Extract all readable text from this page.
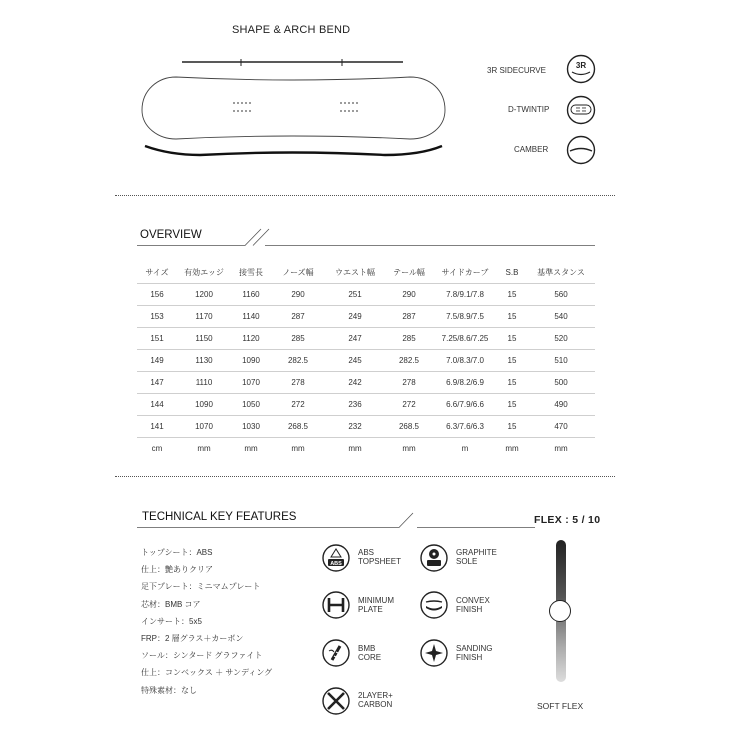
SHAPE & ARCH BEND
3R SIDECURVE
3R
D-TWINTIP
CAMBER
OVERVIEW
サイズ	有効エッジ	接雪長	ノーズ幅	ウエスト幅	テール幅	サイドカーブ	S.B	基準スタンス
156	1200	1160	290	251	290	7.8/9.1/7.8	15	560
153	1170	1140	287	249	287	7.5/8.9/7.5	15	540
151	1150	1120	285	247	285	7.25/8.6/7.25	15	520
149	1130	1090	282.5	245	282.5	7.0/8.3/7.0	15	510
147	1110	1070	278	242	278	6.9/8.2/6.9	15	500
144	1090	1050	272	236	272	6.6/7.9/6.6	15	490
141	1070	1030	268.5	232	268.5	6.3/7.6/6.3	15	470
cm	mm	mm	mm	mm	mm	m	mm	mm
TECHNICAL KEY FEATURES
トップシート：ABS
仕上：艶ありクリア
足下プレート：ミニマムプレート
芯材：BMB コア
インサート：5x5
FRP：2 層グラス＋カーボン
ソール：シンタード グラファイト
仕上：コンベックス ＋ サンディング
特殊素材：なし
ABS
ABS
TOPSHEET
MINIMUM
PLATE
BMB
CORE
2LAYER+
CARBON
GRAPHITE
SOLE
CONVEX
FINISH
SANDING
FINISH
FLEX : 5 / 10
SOFT FLEX
